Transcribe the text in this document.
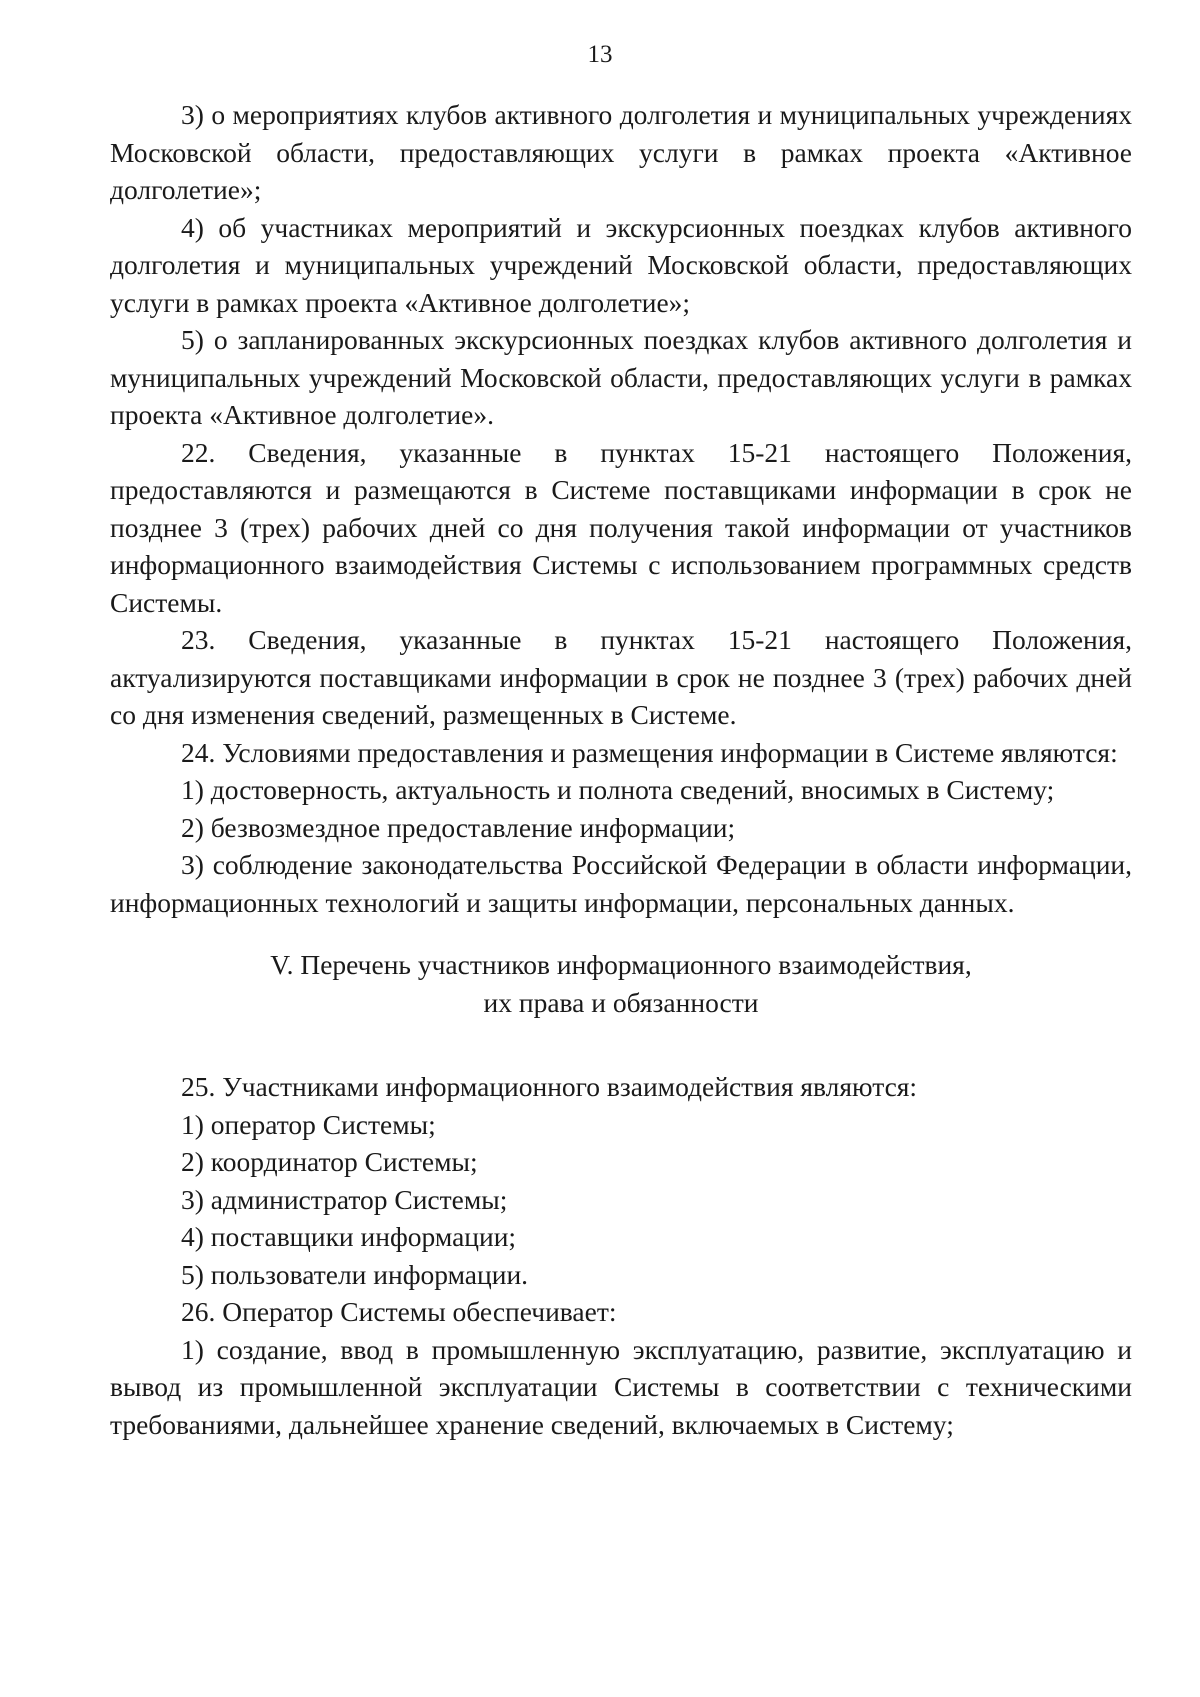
13

3) о мероприятиях клубов активного долголетия и муниципальных учреждениях Московской области, предоставляющих услуги в рамках проекта «Активное долголетие»;

4) об участниках мероприятий и экскурсионных поездках клубов активного долголетия и муниципальных учреждений Московской области, предоставляющих услуги в рамках проекта «Активное долголетие»;

5) о запланированных экскурсионных поездках клубов активного долголетия и муниципальных учреждений Московской области, предоставляющих услуги в рамках проекта «Активное долголетие».

22. Сведения, указанные в пунктах 15-21 настоящего Положения, предоставляются и размещаются в Системе поставщиками информации в срок не позднее 3 (трех) рабочих дней со дня получения такой информации от участников информационного взаимодействия Системы с использованием программных средств Системы.

23. Сведения, указанные в пунктах 15-21 настоящего Положения, актуализируются поставщиками информации в срок не позднее 3 (трех) рабочих дней со дня изменения сведений, размещенных в Системе.

24. Условиями предоставления и размещения информации в Системе являются:

1) достоверность, актуальность и полнота сведений, вносимых в Систему;

2) безвозмездное предоставление информации;

3) соблюдение законодательства Российской Федерации в области информации, информационных технологий и защиты информации, персональных данных.

V. Перечень участников информационного взаимодействия,
их права и обязанности

25. Участниками информационного взаимодействия являются:

1) оператор Системы;

2) координатор Системы;

3) администратор Системы;

4) поставщики информации;

5) пользователи информации.

26. Оператор Системы обеспечивает:

1) создание, ввод в промышленную эксплуатацию, развитие, эксплуатацию и вывод из промышленной эксплуатации Системы в соответствии с техническими требованиями, дальнейшее хранение сведений, включаемых в Систему;
